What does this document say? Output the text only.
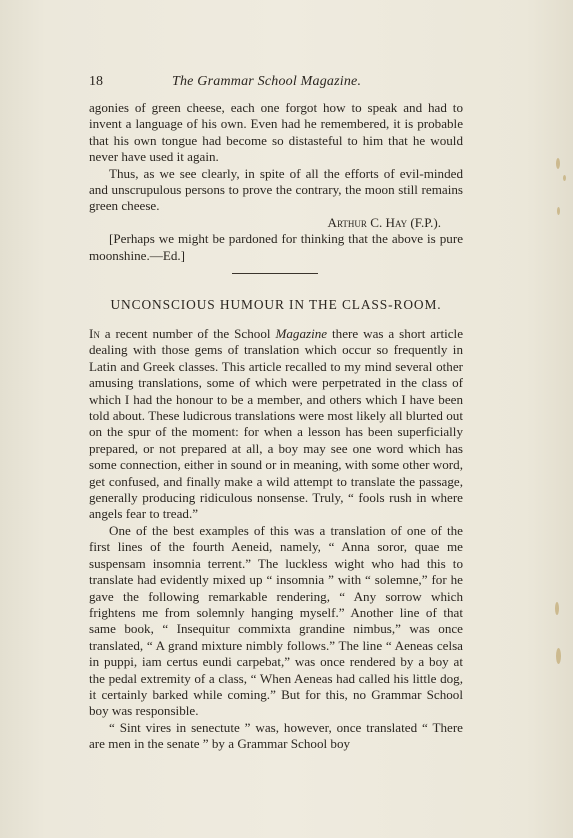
18	The Grammar School Magazine.

agonies of green cheese, each one forgot how to speak and had to invent a language of his own. Even had he remembered, it is probable that his own tongue had become so distasteful to him that he would never have used it again.

Thus, as we see clearly, in spite of all the efforts of evil-minded and unscrupulous persons to prove the contrary, the moon still remains green cheese.

Arthur C. Hay (F.P.).

[Perhaps we might be pardoned for thinking that the above is pure moonshine.—Ed.]

UNCONSCIOUS HUMOUR IN THE CLASS-ROOM.

In a recent number of the School Magazine there was a short article dealing with those gems of translation which occur so frequently in Latin and Greek classes. This article recalled to my mind several other amusing translations, some of which were perpetrated in the class of which I had the honour to be a member, and others which I have been told about. These ludicrous translations were most likely all blurted out on the spur of the moment: for when a lesson has been superficially prepared, or not prepared at all, a boy may see one word which has some connection, either in sound or in meaning, with some other word, get confused, and finally make a wild attempt to translate the passage, generally producing ridiculous nonsense. Truly, “ fools rush in where angels fear to tread.”

One of the best examples of this was a translation of one of the first lines of the fourth Aeneid, namely, “ Anna soror, quae me suspensam insomnia terrent.” The luckless wight who had this to translate had evidently mixed up “ insomnia ” with “ solemne,” for he gave the following remarkable rendering, “ Any sorrow which frightens me from solemnly hanging myself.” Another line of that same book, “ Insequitur commixta grandine nimbus,” was once translated, “ A grand mixture nimbly follows.” The line “ Aeneas celsa in puppi, iam certus eundi carpebat,” was once rendered by a boy at the pedal extremity of a class, “ When Aeneas had called his little dog, it certainly barked while coming.” But for this, no Grammar School boy was responsible.

“ Sint vires in senectute ” was, however, once translated “ There are men in the senate ” by a Grammar School boy
